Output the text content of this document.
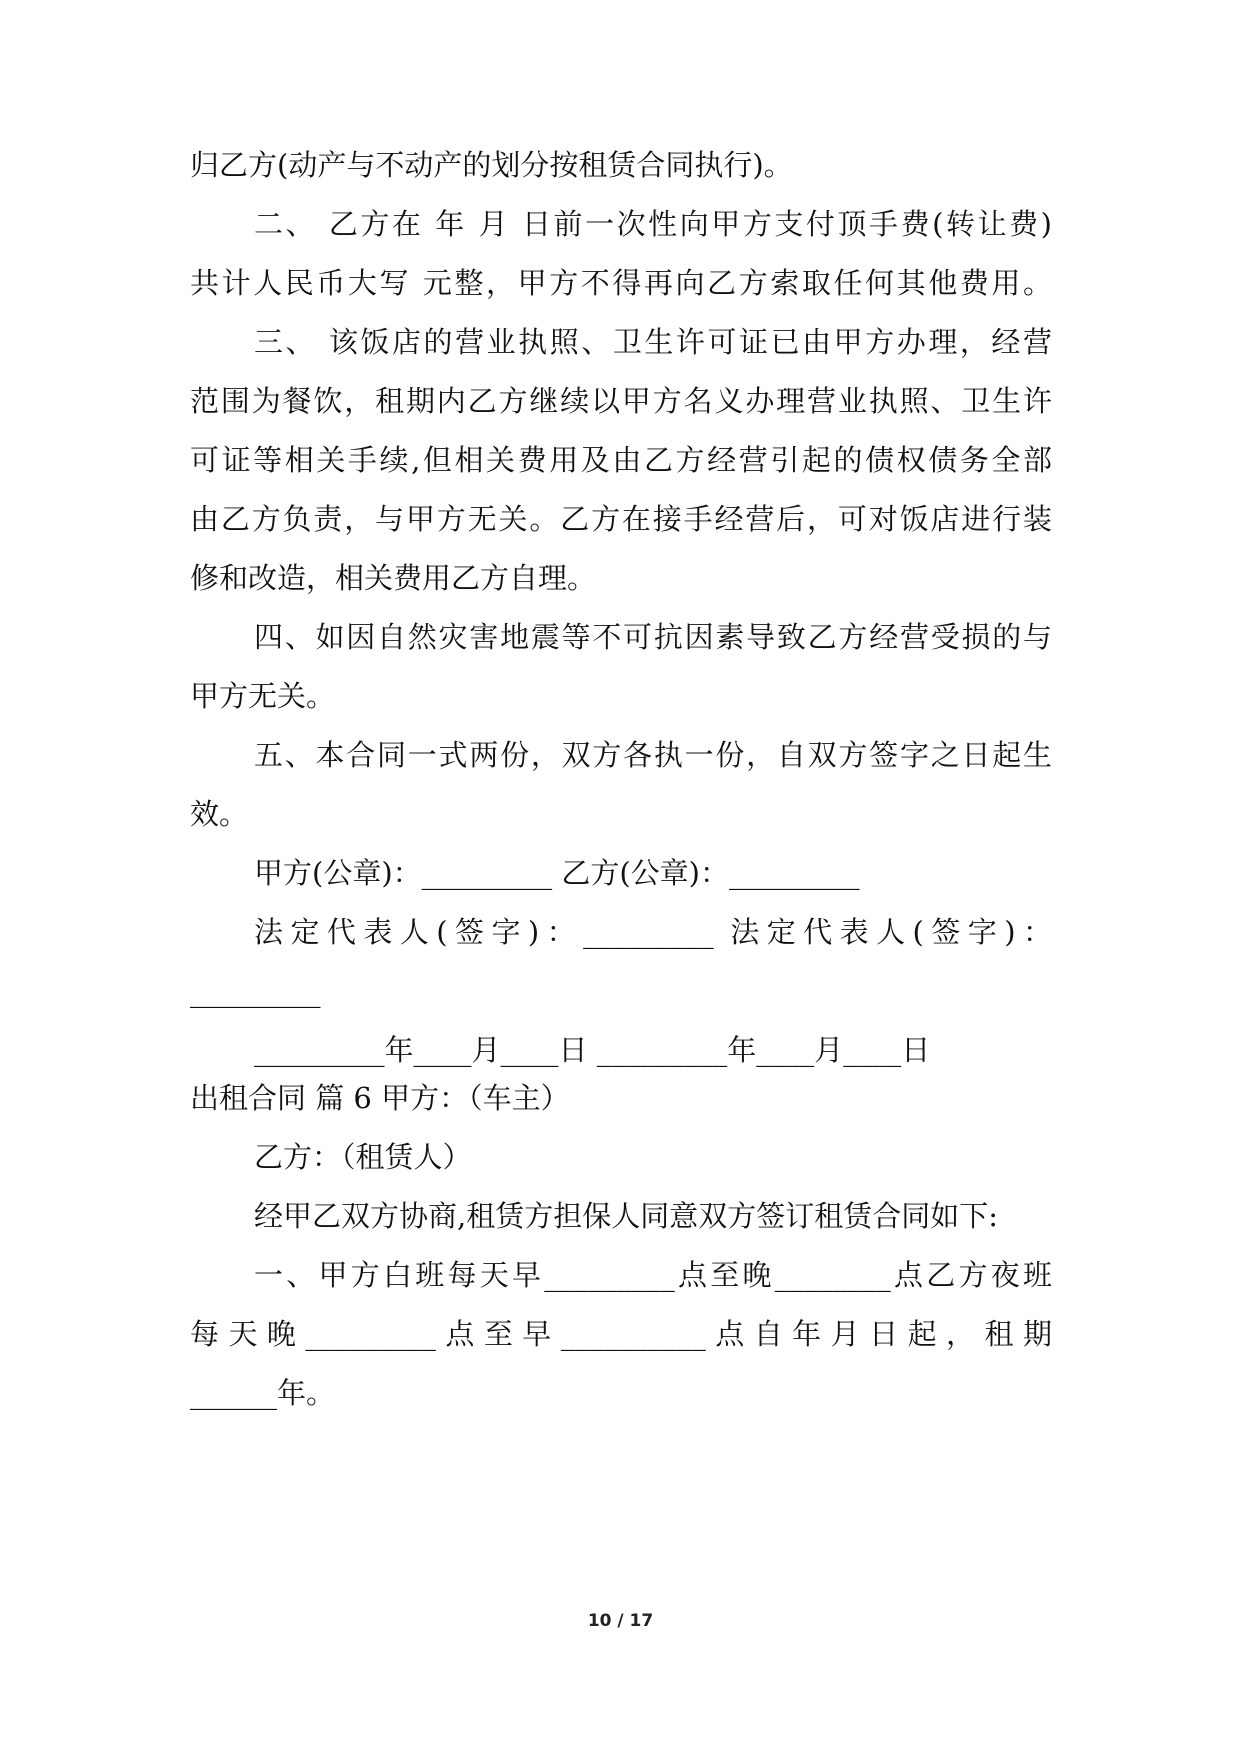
归乙方(动产与不动产的划分按租赁合同执行)。
二、 乙方在 年 月 日前一次性向甲方支付顶手费(转让费)
共计人民币大写 元整，甲方不得再向乙方索取任何其他费用。
三、 该饭店的营业执照、卫生许可证已由甲方办理，经营
范围为餐饮，租期内乙方继续以甲方名义办理营业执照、卫生许
可证等相关手续,但相关费用及由乙方经营引起的债权债务全部
由乙方负责，与甲方无关。乙方在接手经营后，可对饭店进行装
修和改造，相关费用乙方自理。
四、如因自然灾害地震等不可抗因素导致乙方经营受损的与
甲方无关。
五、本合同一式两份，双方各执一份，自双方签字之日起生
效。
甲方(公章)：_________ 乙方(公章)：_________
法定代表人(签字)：_________ 法定代表人(签字)：
_________
_________年____月____日 _________年____月____日
出租合同 篇 6 甲方：（车主）
乙方：（租赁人）
经甲乙双方协商,租赁方担保人同意双方签订租赁合同如下:
一、甲方白班每天早_________点至晚________点乙方夜班
每天晚_________点至早__________点自年月日起，租期
______年。
10 / 17
